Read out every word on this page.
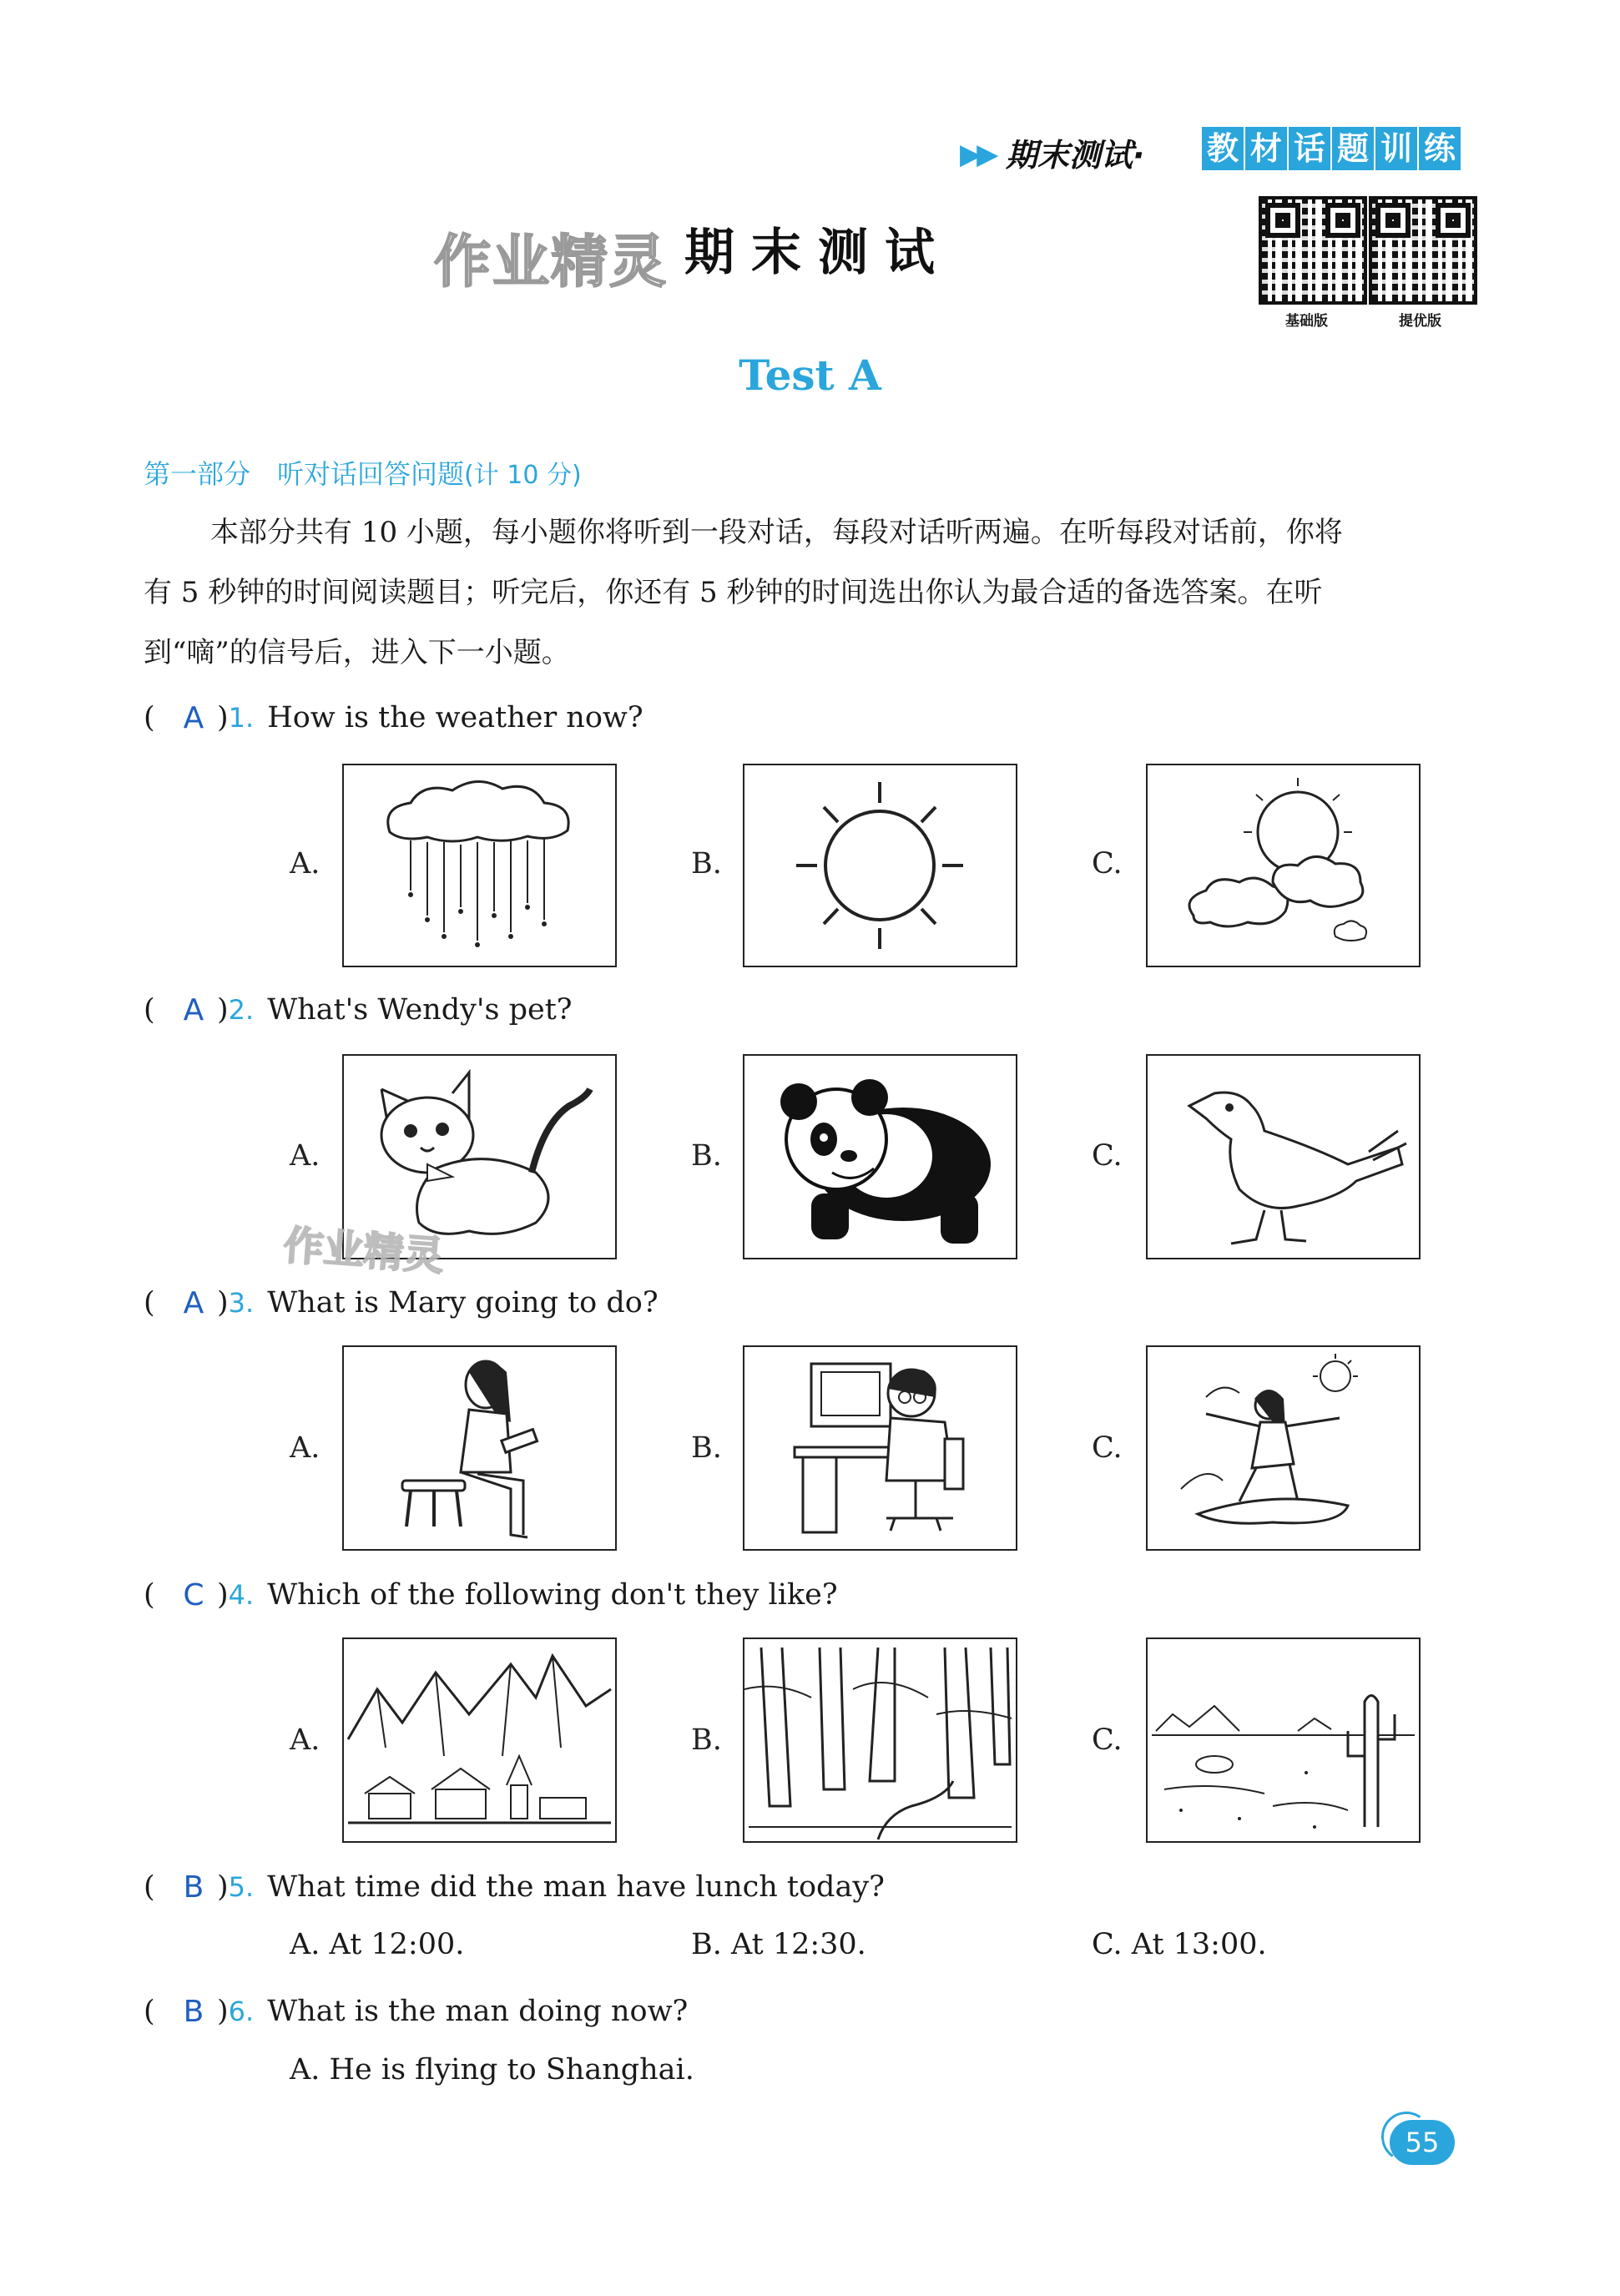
▶▶ 期末测试· 教 材 话 题 训 练
作业精灵 期末测试
基础版	提优版
Test A
第一部分　听对话回答问题(计 10 分)
本部分共有 10 小题，每小题你将听到一段对话，每段对话听两遍。在听每段对话前，你将
有 5 秒钟的时间阅读题目；听完后，你还有 5 秒钟的时间选出你认为最合适的备选答案。在听
到“嘀”的信号后，进入下一小题。
( A ) 1. How is the weather now?
A.	B.	C.
( A ) 2. What's Wendy's pet?
A.	B.	C.
( A ) 3. What is Mary going to do?
A.	B.	C.
( C ) 4. Which of the following don't they like?
A.	B.	C.
作业精灵
( B ) 5. What time did the man have lunch today?
A. At 12:00.	B. At 12:30.	C. At 13:00.
( B ) 6. What is the man doing now?
A. He is flying to Shanghai.
55
